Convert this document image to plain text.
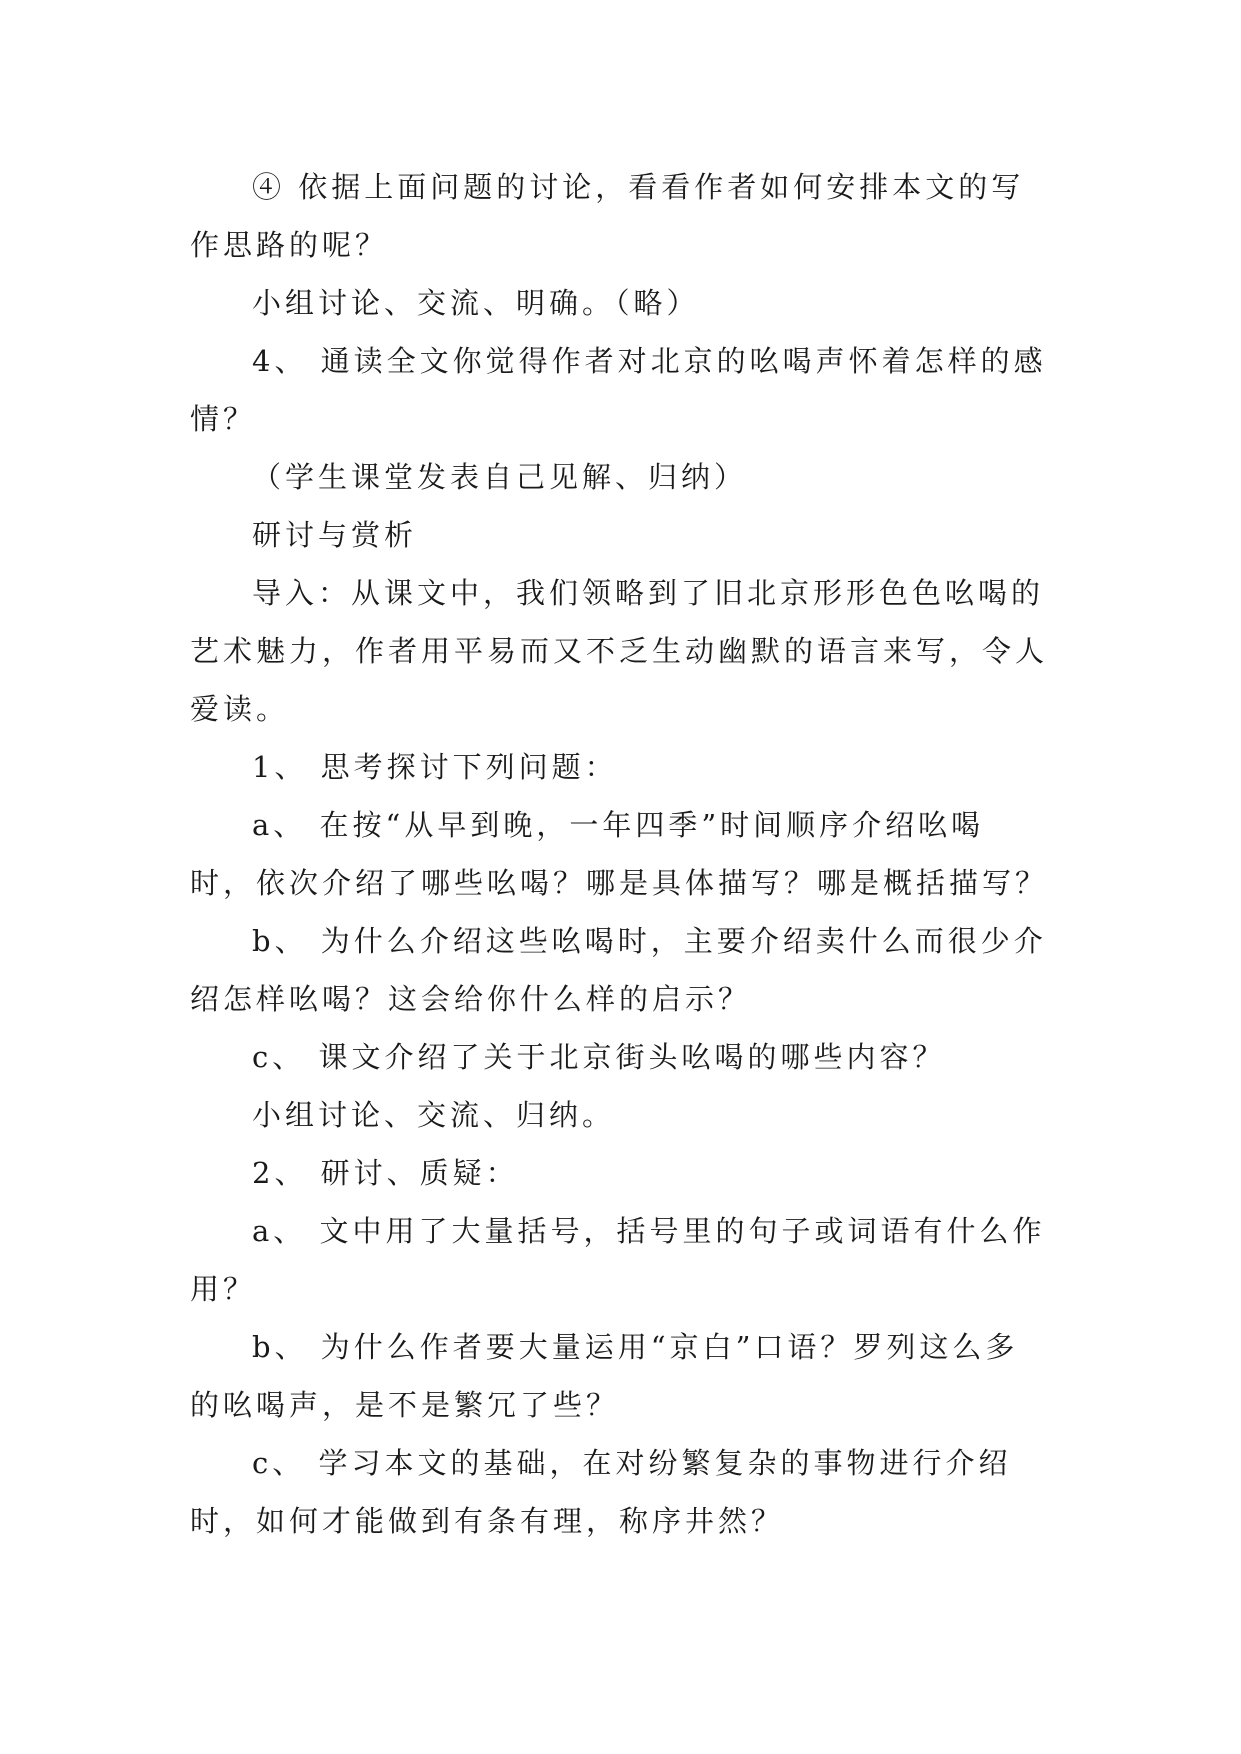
④ 依据上面问题的讨论，看看作者如何安排本文的写作思路的呢？

小组讨论、交流、明确。（略）

4、 通读全文你觉得作者对北京的吆喝声怀着怎样的感情？

（学生课堂发表自己见解、归纳）

研讨与赏析

导入：从课文中，我们领略到了旧北京形形色色吆喝的艺术魅力，作者用平易而又不乏生动幽默的语言来写，令人爱读。

1、 思考探讨下列问题：

a、 在按“从早到晚，一年四季”时间顺序介绍吆喝时，依次介绍了哪些吆喝？哪是具体描写？哪是概括描写？

b、 为什么介绍这些吆喝时，主要介绍卖什么而很少介绍怎样吆喝？这会给你什么样的启示？

c、 课文介绍了关于北京街头吆喝的哪些内容？

小组讨论、交流、归纳。

2、 研讨、质疑：

a、 文中用了大量括号，括号里的句子或词语有什么作用？

b、 为什么作者要大量运用“京白”口语？罗列这么多的吆喝声，是不是繁冗了些？

c、 学习本文的基础，在对纷繁复杂的事物进行介绍时，如何才能做到有条有理，称序井然？
